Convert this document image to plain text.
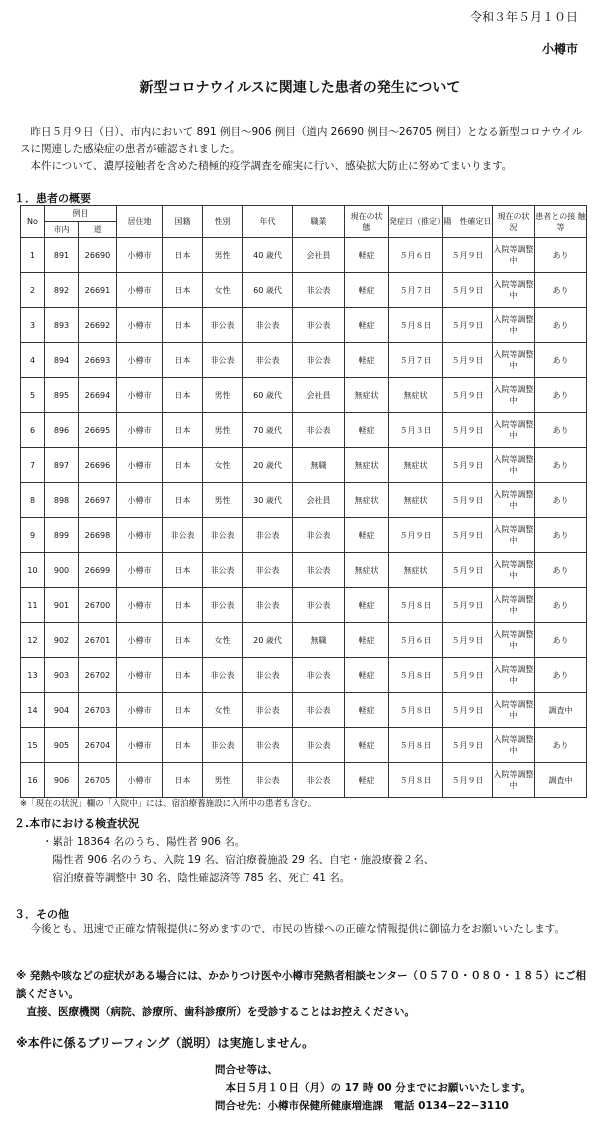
令和３年５月１０日
小樽市
新型コロナウイルスに関連した患者の発生について
　昨日５月９日（日）、市内において 891 例目～906 例目（道内 26690 例目～26705 例目）となる新型コロナウイルスに関連した感染症の患者が確認されました。
　本件について、濃厚接触者を含めた積極的疫学調査を確実に行い、感染拡大防止に努めてまいります。
１．患者の概要
No	例目		居住地	国籍	性別	年代	職業	現在の状　態	発症日（推定）	陽　性確定日	現在の状　況	患者との接 触 等
	市内	道										
1	891	26690	小樽市	日本	男性	40 歳代	会社員	軽症	５月６日	５月９日	入院等調整中	あり
2	892	26691	小樽市	日本	女性	60 歳代	非公表	軽症	５月７日	５月９日	入院等調整中	あり
3	893	26692	小樽市	日本	非公表	非公表	非公表	軽症	５月８日	５月９日	入院等調整中	あり
4	894	26693	小樽市	日本	非公表	非公表	非公表	軽症	５月７日	５月９日	入院等調整中	あり
5	895	26694	小樽市	日本	男性	60 歳代	会社員	無症状	無症状	５月９日	入院等調整中	あり
6	896	26695	小樽市	日本	男性	70 歳代	非公表	軽症	５月３日	５月９日	入院等調整中	あり
7	897	26696	小樽市	日本	女性	20 歳代	無職	無症状	無症状	５月９日	入院等調整中	あり
8	898	26697	小樽市	日本	男性	30 歳代	会社員	無症状	無症状	５月９日	入院等調整中	あり
9	899	26698	小樽市	非公表	非公表	非公表	非公表	軽症	５月９日	５月９日	入院等調整中	あり
10	900	26699	小樽市	日本	非公表	非公表	非公表	無症状	無症状	５月９日	入院等調整中	あり
11	901	26700	小樽市	日本	非公表	非公表	非公表	軽症	５月８日	５月９日	入院等調整中	あり
12	902	26701	小樽市	日本	女性	20 歳代	無職	軽症	５月６日	５月９日	入院等調整中	あり
13	903	26702	小樽市	日本	非公表	非公表	非公表	軽症	５月８日	５月９日	入院等調整中	あり
14	904	26703	小樽市	日本	女性	非公表	非公表	軽症	５月８日	５月９日	入院等調整中	調査中
15	905	26704	小樽市	日本	非公表	非公表	非公表	軽症	５月８日	５月９日	入院等調整中	あり
16	906	26705	小樽市	日本	男性	非公表	非公表	軽症	５月８日	５月９日	入院等調整中	調査中
※「現在の状況」欄の「入院中」には、宿泊療養施設に入所中の患者も含む。
２.本市における検査状況
・累計 18364 名のうち、陽性者 906 名。
　陽性者 906 名のうち、入院 19 名、宿泊療養施設 29 名、自宅・施設療養２名、
　宿泊療養等調整中 30 名、陰性確認済等 785 名、死亡 41 名。
３．その他
　今後とも、迅速で正確な情報提供に努めますので、市民の皆様への正確な情報提供に御協力をお願いいたします。
※ 発熱や咳などの症状がある場合には、かかりつけ医や小樽市発熱者相談センター（０５７０・０８０・１８５）にご相談ください。
　直接、医療機関（病院、診療所、歯科診療所）を受診することはお控えください。
※本件に係るブリーフィング（説明）は実施しません。
問合せ等は、
　本日５月１０日（月）の 17 時 00 分までにお願いいたします。
問合せ先：小樽市保健所健康増進課　電話 0134−22−3110
